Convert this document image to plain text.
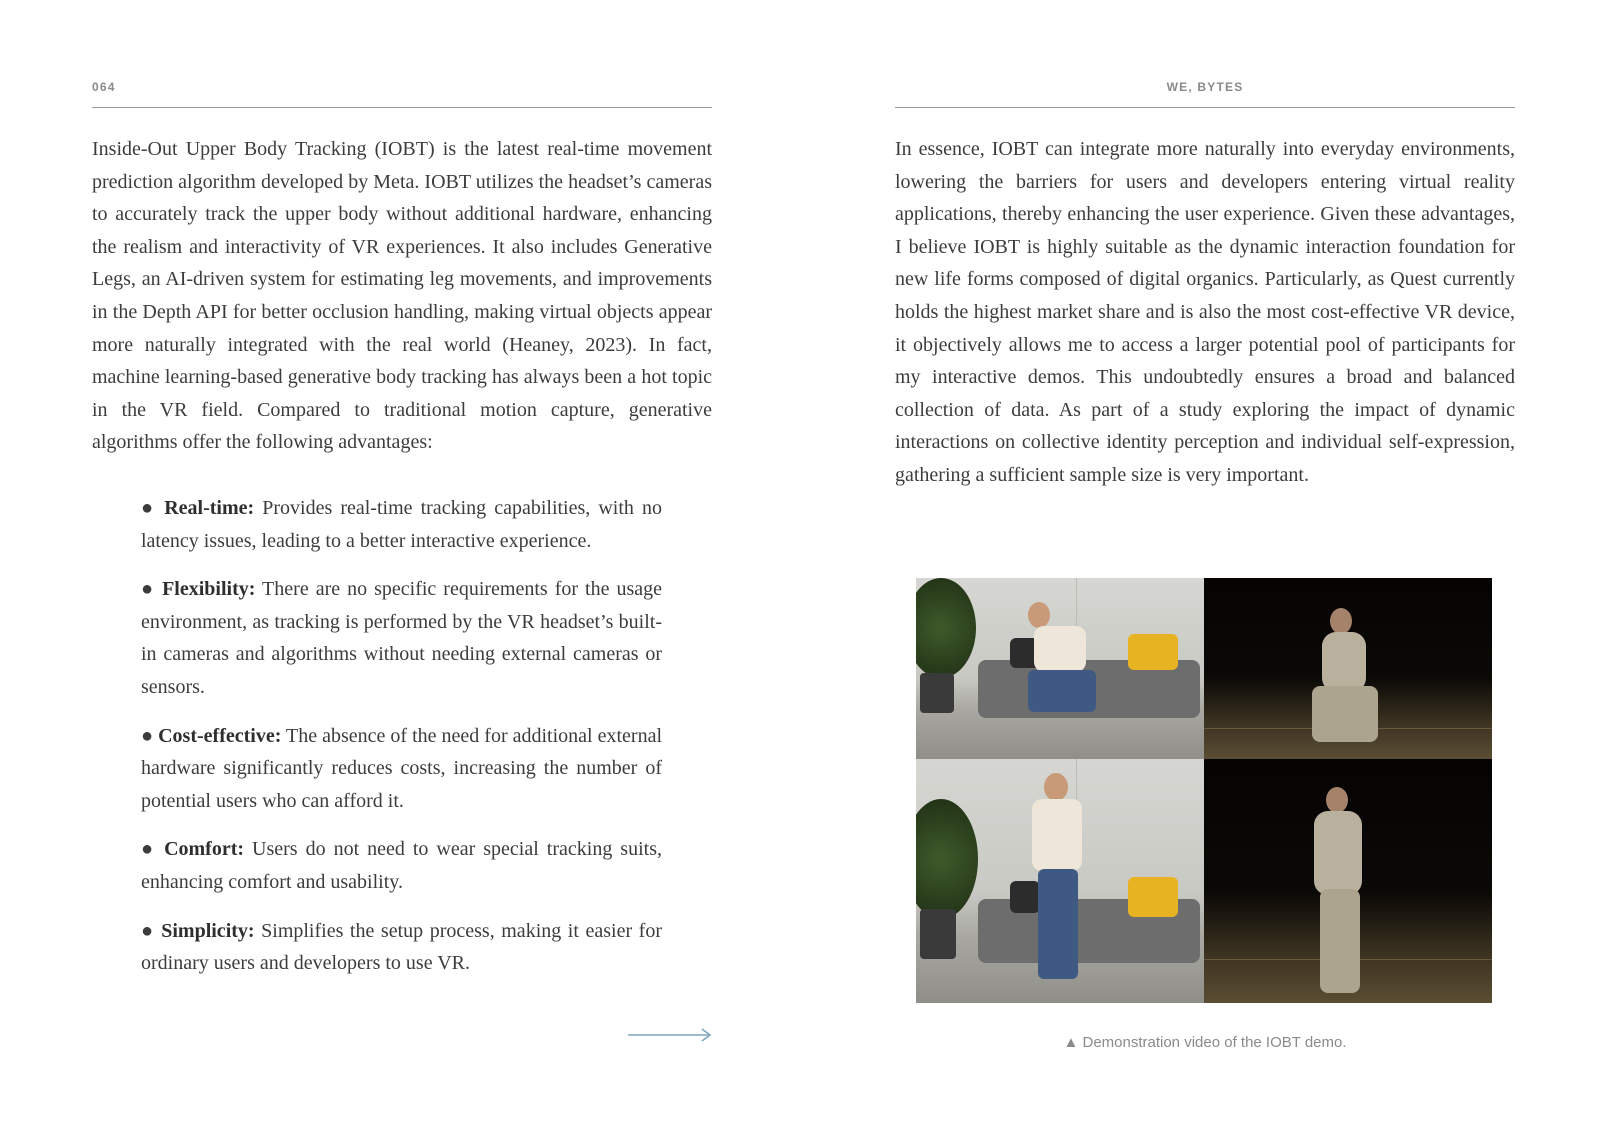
064	WE, BYTES

Inside-Out Upper Body Tracking (IOBT) is the latest real-time movement prediction algorithm developed by Meta. IOBT utilizes the headset’s cameras to accurately track the upper body without additional hardware, enhancing the realism and interactivity of VR experiences. It also includes Generative Legs, an AI-driven system for estimating leg movements, and improvements in the Depth API for better occlusion handling, making virtual objects appear more naturally integrated with the real world (Heaney, 2023). In fact, machine learning-based generative body tracking has always been a hot topic in the VR field. Compared to traditional motion capture, generative algorithms offer the following advantages:

● Real-time: Provides real-time tracking capabilities, with no latency issues, leading to a better interactive experience.

● Flexibility: There are no specific requirements for the usage environment, as tracking is performed by the VR headset’s built-in cameras and algorithms without needing external cameras or sensors.

● Cost-effective: The absence of the need for additional external hardware significantly reduces costs, increasing the number of potential users who can afford it.

● Comfort: Users do not need to wear special tracking suits, enhancing comfort and usability.

● Simplicity: Simplifies the setup process, making it easier for ordinary users and developers to use VR.

In essence, IOBT can integrate more naturally into everyday environments, lowering the barriers for users and developers entering virtual reality applications, thereby enhancing the user experience. Given these advantages, I believe IOBT is highly suitable as the dynamic interaction foundation for new life forms composed of digital organics. Particularly, as Quest currently holds the highest market share and is also the most cost-effective VR device, it objectively allows me to access a larger potential pool of participants for my interactive demos. This undoubtedly ensures a broad and balanced collection of data. As part of a study exploring the impact of dynamic interactions on collective identity perception and individual self-expression, gathering a sufficient sample size is very important.

▲ Demonstration video of the IOBT demo.
